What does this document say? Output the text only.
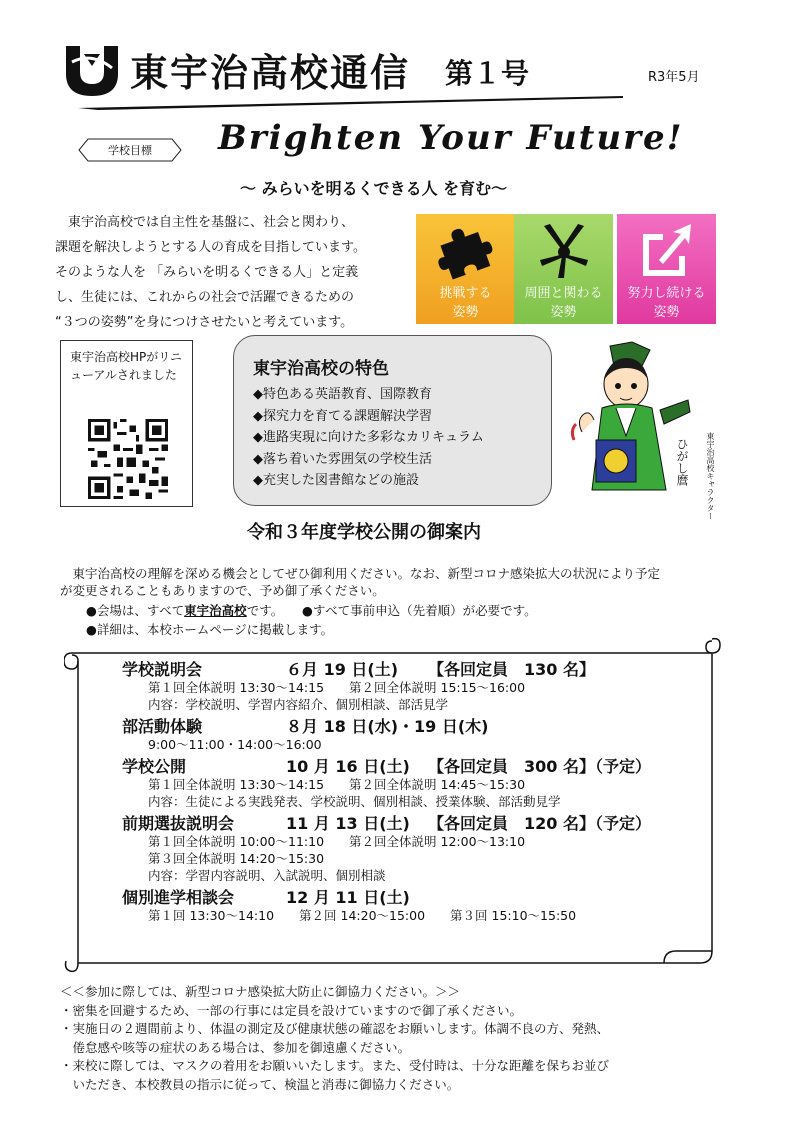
東宇治高校通信 第１号	R3年5月
学校目標	Brighten Your Future!
～ みらいを明るくできる人 を育む～

　東宇治高校では自主性を基盤に、社会と関わり、

課題を解決しようとする人の育成を目指しています。

そのような人を 「みらいを明るくできる人」と定義

し、生徒には、これからの社会で活躍できるための

“３つの姿勢”を身につけさせたいと考えています。

挑戦する
姿勢
周囲と関わる
姿勢
努力し続ける
姿勢
東宇治高校HPがリニューアルされました	東宇治高校の特色
◆特色ある英語教育、国際教育
◆探究力を育てる課題解決学習
◆進路実現に向けた多彩なカリキュラム
◆落ち着いた雰囲気の学校生活
◆充実した図書館などの施設	東宇治高校キャラクター
ひがし麿
令和３年度学校公開の御案内

　東宇治高校の理解を深める機会としてぜひ御利用ください。なお、新型コロナ感染拡大の状況により予定

が変更されることもありますので、予め御了承ください。

●会場は、すべて東宇治高校です。　　●すべて事前申込（先着順）が必要です。
●詳細は、本校ホームページに掲載します。
学校説明会	６月 19 日(土)	【各回定員　130 名】
第１回全体説明 13:30～14:15　　第２回全体説明 15:15～16:00
内容：学校説明、学習内容紹介、個別相談、部活見学
部活動体験	８月 18 日(水)・19 日(木)
9:00～11:00・14:00～16:00
学校公開	10 月 16 日(土)	【各回定員　300 名】（予定）
第１回全体説明 13:30～14:15　　第２回全体説明 14:45～15:30
内容：生徒による実践発表、学校説明、個別相談、授業体験、部活動見学
前期選抜説明会	11 月 13 日(土)	【各回定員　120 名】（予定）
第１回全体説明 10:00～11:10　　第２回全体説明 12:00～13:10
第３回全体説明 14:20～15:30
内容：学習内容説明、入試説明、個別相談
個別進学相談会	12 月 11 日(土)
第１回 13:30～14:10　　第２回 14:20～15:00　　第３回 15:10～15:50

＜＜参加に際しては、新型コロナ感染拡大防止に御協力ください。＞＞

・密集を回避するため、一部の行事には定員を設けていますので御了承ください。

・実施日の２週間前より、体温の測定及び健康状態の確認をお願いします。体調不良の方、発熱、

　倦怠感や咳等の症状のある場合は、参加を御遠慮ください。

・来校に際しては、マスクの着用をお願いいたします。また、受付時は、十分な距離を保ちお並び

　いただき、本校教員の指示に従って、検温と消毒に御協力ください。
